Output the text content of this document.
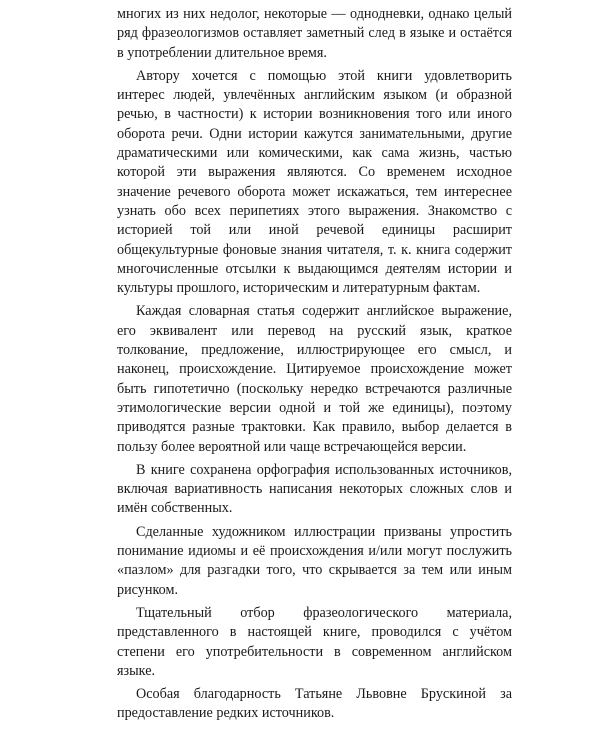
многих из них недолог, некоторые — однодневки, однако целый ряд фразеологизмов оставляет заметный след в языке и остаётся в употреблении длительное время.

Автору хочется с помощью этой книги удовлетворить интерес людей, увлечённых английским языком (и образной речью, в частности) к истории возникновения того или иного оборота речи. Одни истории кажутся занимательными, другие драматическими или комическими, как сама жизнь, частью которой эти выражения являются. Со временем исходное значение речевого оборота может искажаться, тем интереснее узнать обо всех перипетиях этого выражения. Знакомство с историей той или иной речевой единицы расширит общекультурные фоновые знания читателя, т. к. книга содержит многочисленные отсылки к выдающимся деятелям истории и культуры прошлого, историческим и литературным фактам.

Каждая словарная статья содержит английское выражение, его эквивалент или перевод на русский язык, краткое толкование, предложение, иллюстрирующее его смысл, и наконец, происхождение. Цитируемое происхождение может быть гипотетично (поскольку нередко встречаются различные этимологические версии одной и той же единицы), поэтому приводятся разные трактовки. Как правило, выбор делается в пользу более вероятной или чаще встречающейся версии.

В книге сохранена орфография использованных источников, включая вариативность написания некоторых сложных слов и имён собственных.

Сделанные художником иллюстрации призваны упростить понимание идиомы и её происхождения и/или могут послужить «пазлом» для разгадки того, что скрывается за тем или иным рисунком.

Тщательный отбор фразеологического материала, представленного в настоящей книге, проводился с учётом степени его употребительности в современном английском языке.

Особая благодарность Татьяне Львовне Брускиной за предоставление редких источников.
